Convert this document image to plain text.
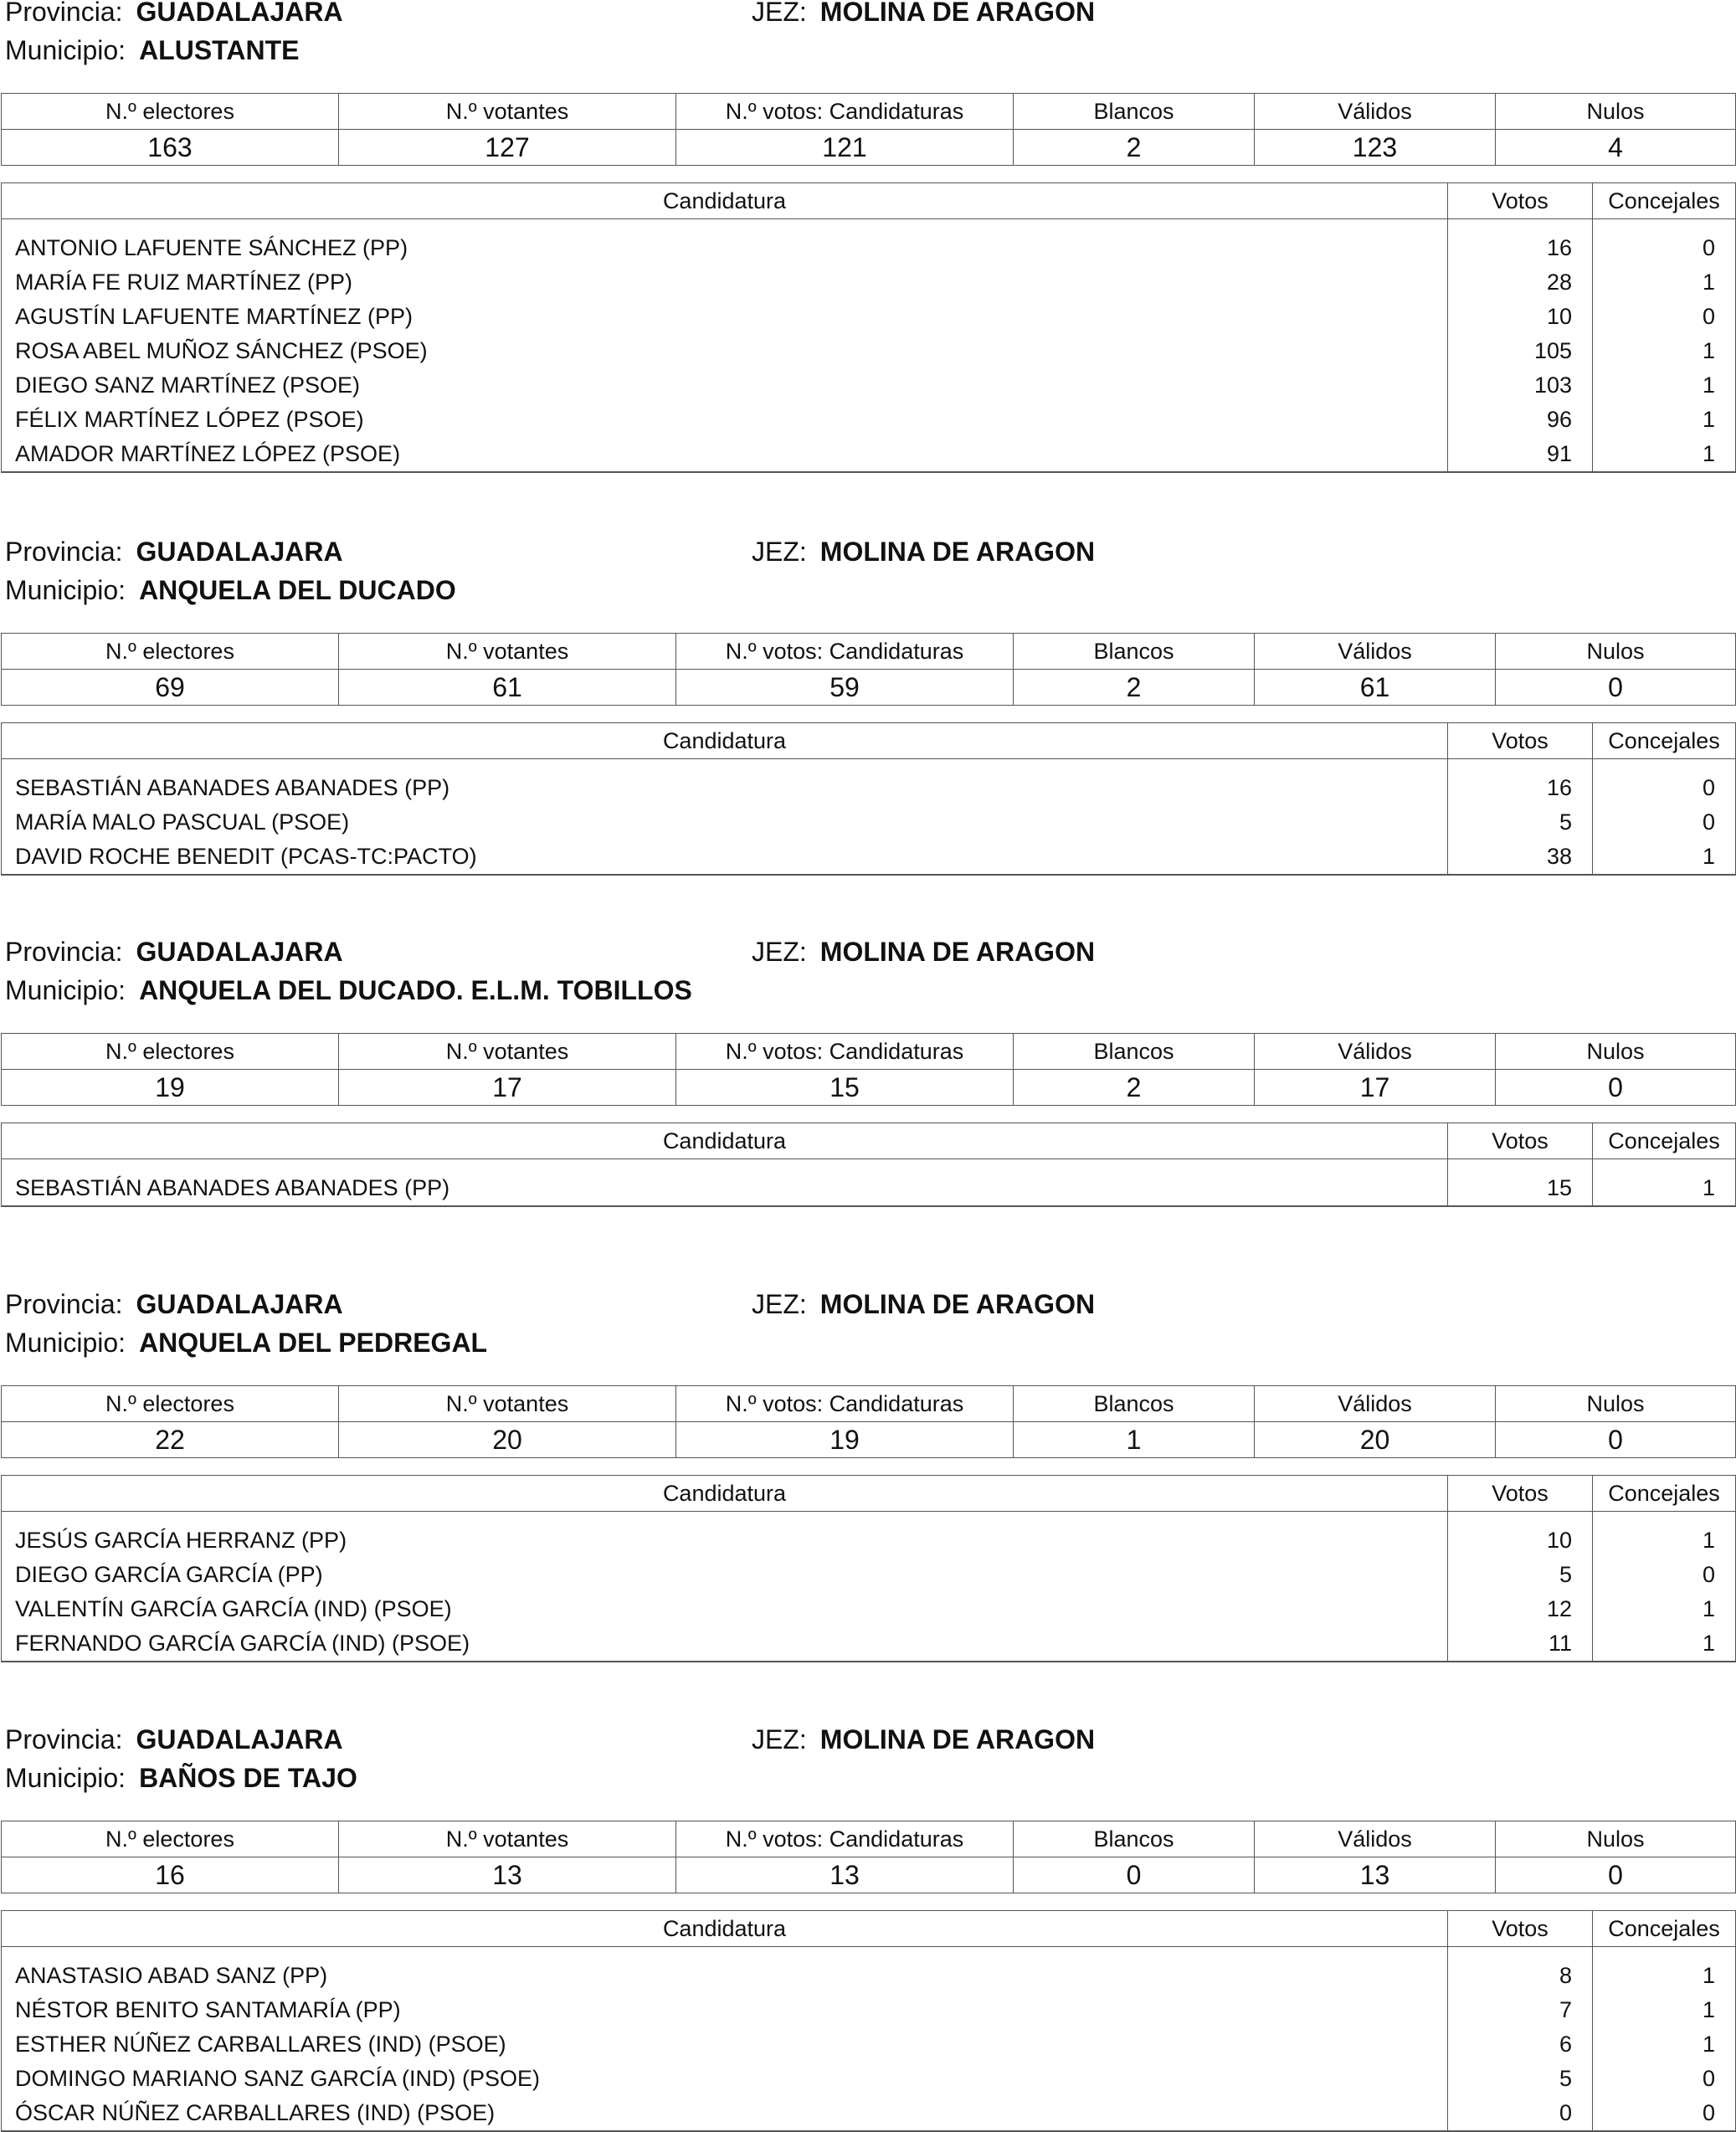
Provincia: GUADALAJARA	JEZ: MOLINA DE ARAGON
Municipio: ALUSTANTE
N.º electores	N.º votantes	N.º votos: Candidaturas	Blancos	Válidos	Nulos
163	127	121	2	123	4
Candidatura	Votos	Concejales
ANTONIO LAFUENTE SÁNCHEZ (PP)	16	0
MARÍA FE RUIZ MARTÍNEZ (PP)	28	1
AGUSTÍN LAFUENTE MARTÍNEZ (PP)	10	0
ROSA ABEL MUÑOZ SÁNCHEZ (PSOE)	105	1
DIEGO SANZ MARTÍNEZ (PSOE)	103	1
FÉLIX MARTÍNEZ LÓPEZ (PSOE)	96	1
AMADOR MARTÍNEZ LÓPEZ (PSOE)	91	1
Provincia: GUADALAJARA	JEZ: MOLINA DE ARAGON
Municipio: ANQUELA DEL DUCADO
N.º electores	N.º votantes	N.º votos: Candidaturas	Blancos	Válidos	Nulos
69	61	59	2	61	0
Candidatura	Votos	Concejales
SEBASTIÁN ABANADES ABANADES (PP)	16	0
MARÍA MALO PASCUAL (PSOE)	5	0
DAVID ROCHE BENEDIT (PCAS-TC:PACTO)	38	1
Provincia: GUADALAJARA	JEZ: MOLINA DE ARAGON
Municipio: ANQUELA DEL DUCADO. E.L.M. TOBILLOS
N.º electores	N.º votantes	N.º votos: Candidaturas	Blancos	Válidos	Nulos
19	17	15	2	17	0
Candidatura	Votos	Concejales
SEBASTIÁN ABANADES ABANADES (PP)	15	1
Provincia: GUADALAJARA	JEZ: MOLINA DE ARAGON
Municipio: ANQUELA DEL PEDREGAL
N.º electores	N.º votantes	N.º votos: Candidaturas	Blancos	Válidos	Nulos
22	20	19	1	20	0
Candidatura	Votos	Concejales
JESÚS GARCÍA HERRANZ (PP)	10	1
DIEGO GARCÍA GARCÍA (PP)	5	0
VALENTÍN GARCÍA GARCÍA (IND) (PSOE)	12	1
FERNANDO GARCÍA GARCÍA (IND) (PSOE)	11	1
Provincia: GUADALAJARA	JEZ: MOLINA DE ARAGON
Municipio: BAÑOS DE TAJO
N.º electores	N.º votantes	N.º votos: Candidaturas	Blancos	Válidos	Nulos
16	13	13	0	13	0
Candidatura	Votos	Concejales
ANASTASIO ABAD SANZ (PP)	8	1
NÉSTOR BENITO SANTAMARÍA (PP)	7	1
ESTHER NÚÑEZ CARBALLARES (IND) (PSOE)	6	1
DOMINGO MARIANO SANZ GARCÍA (IND) (PSOE)	5	0
ÓSCAR NÚÑEZ CARBALLARES (IND) (PSOE)	0	0
